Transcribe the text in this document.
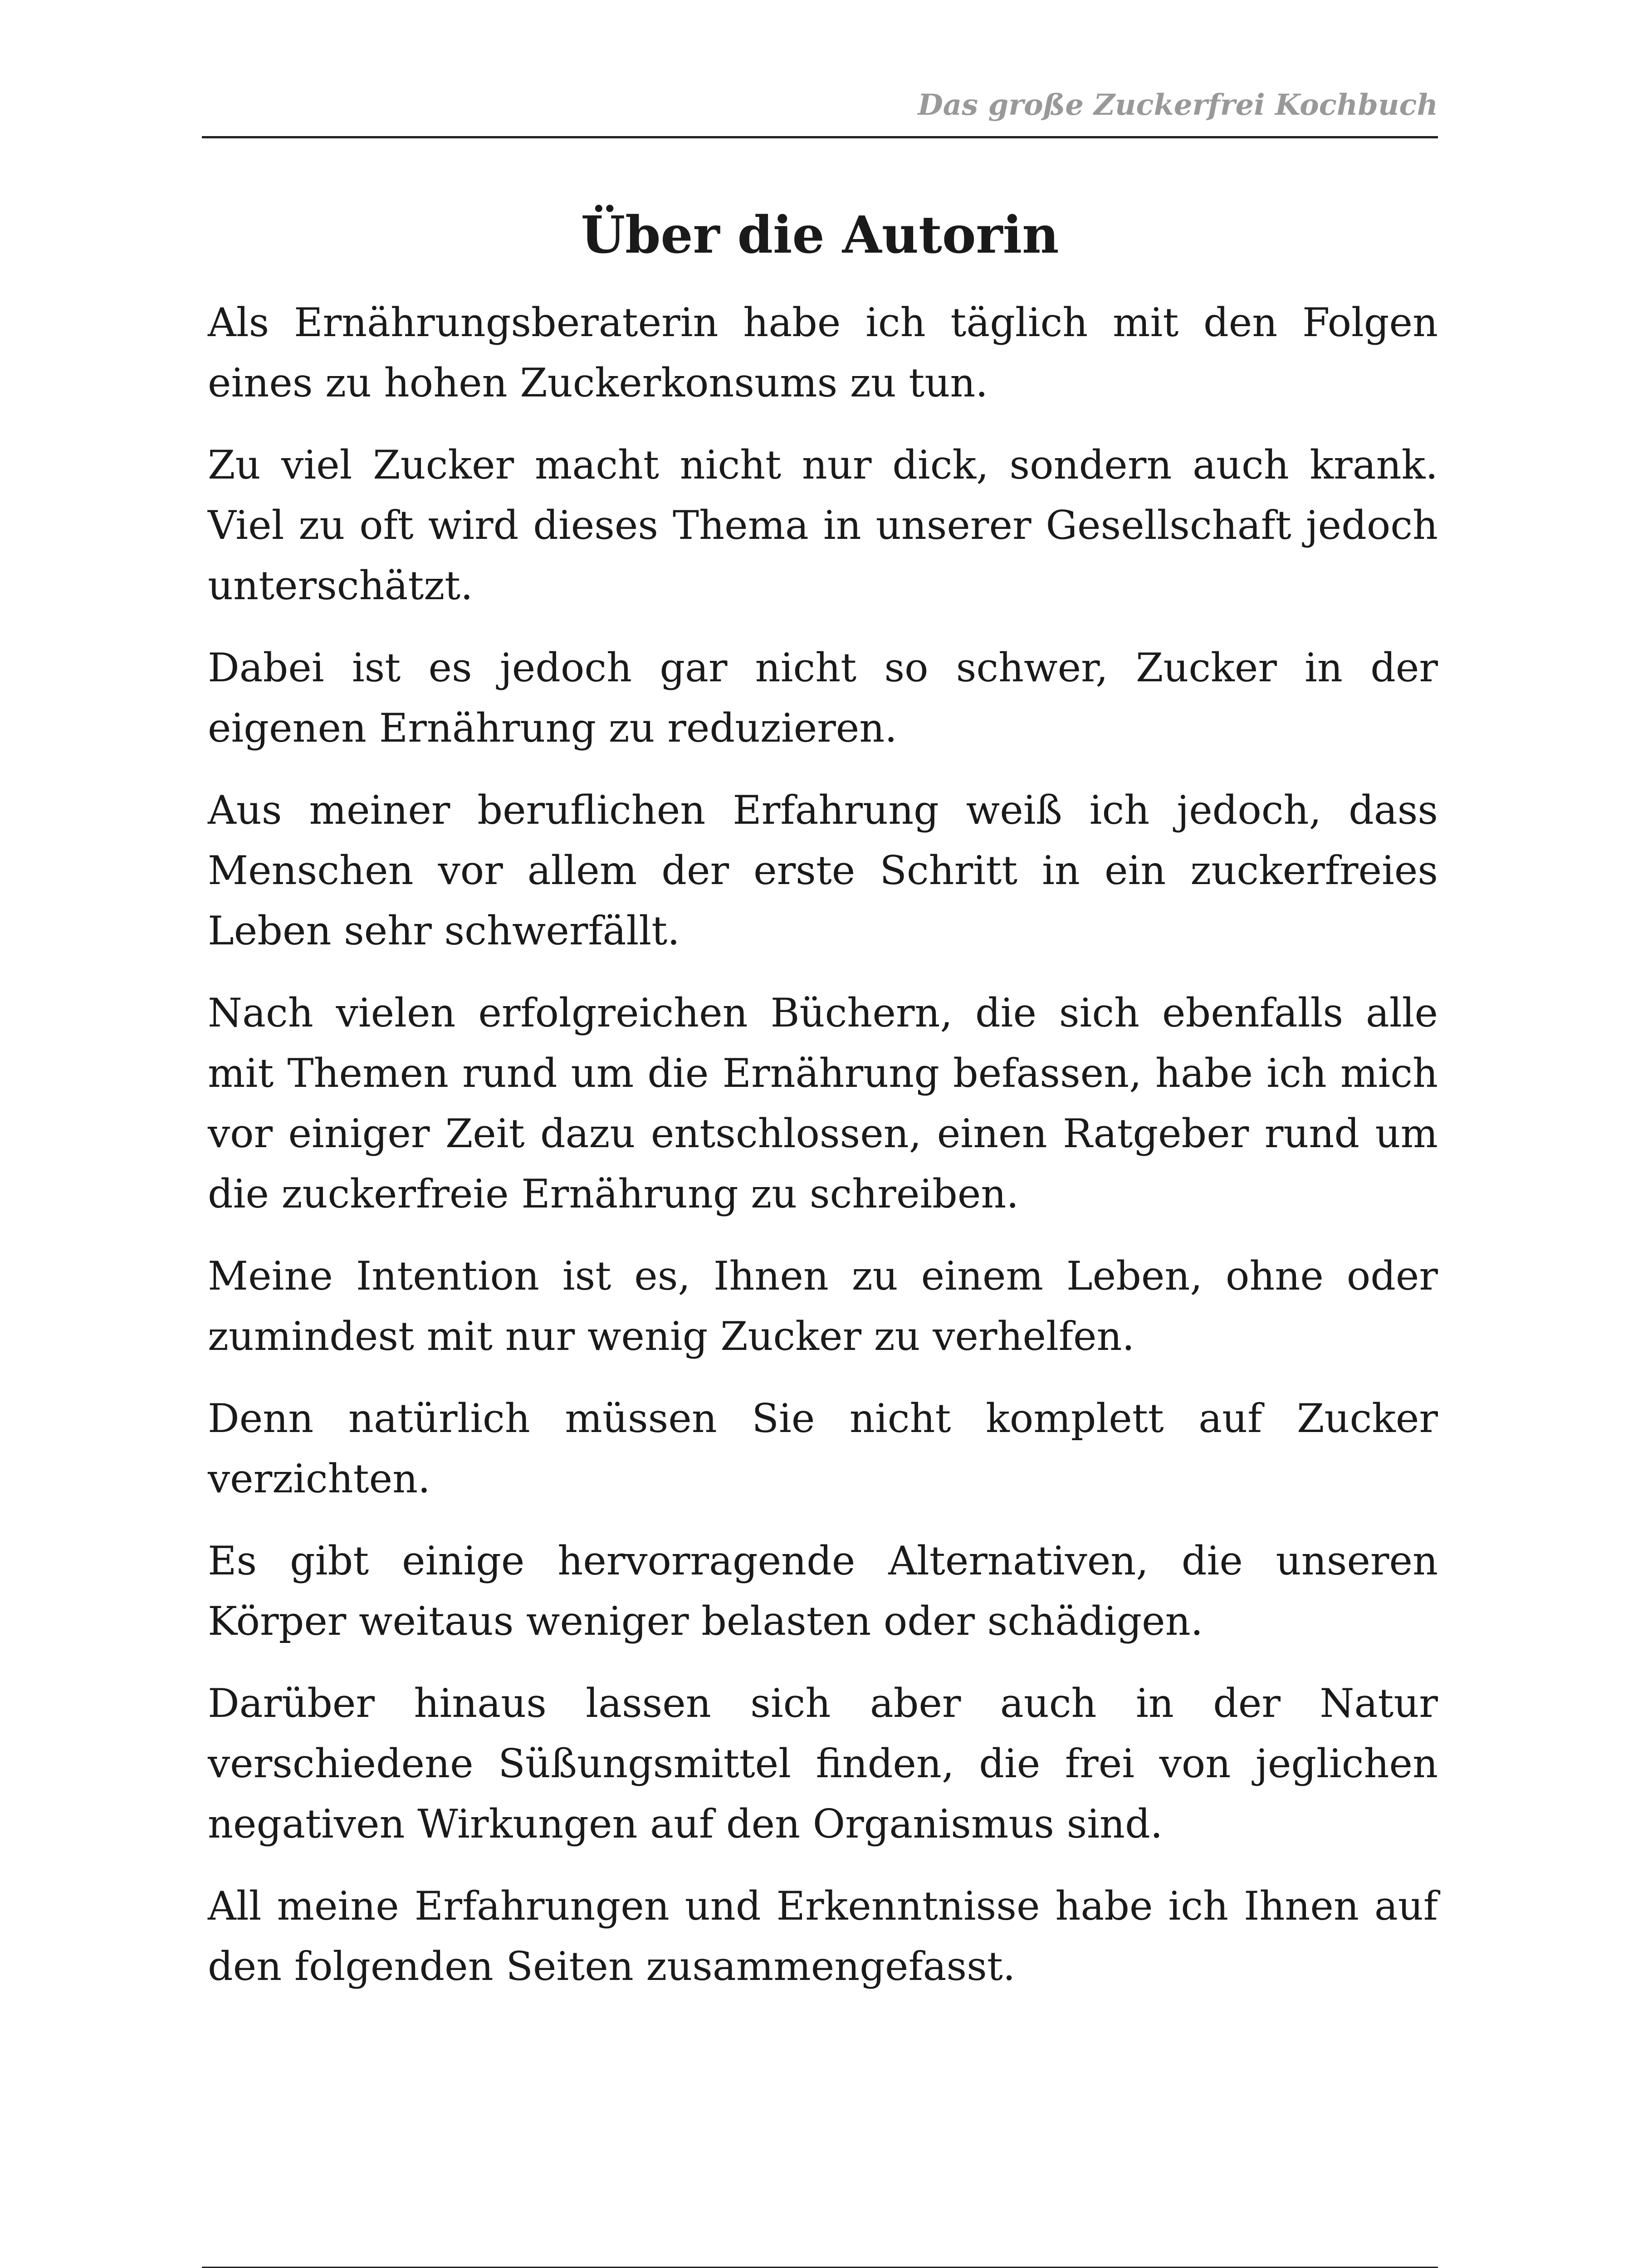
Das große Zuckerfrei Kochbuch
Über die Autorin

Als Ernährungsberaterin habe ich täglich mit den Folgen eines zu hohen Zuckerkonsums zu tun.

Zu viel Zucker macht nicht nur dick, sondern auch krank. Viel zu oft wird dieses Thema in unserer Gesellschaft jedoch unterschätzt.

Dabei ist es jedoch gar nicht so schwer, Zucker in der eigenen Ernährung zu reduzieren.

Aus meiner beruflichen Erfahrung weiß ich jedoch, dass Menschen vor allem der erste Schritt in ein zuckerfreies Leben sehr schwerfällt.

Nach vielen erfolgreichen Büchern, die sich ebenfalls alle mit Themen rund um die Ernährung befassen, habe ich mich vor einiger Zeit dazu entschlossen, einen Ratgeber rund um die zuckerfreie Ernährung zu schreiben.

Meine Intention ist es, Ihnen zu einem Leben, ohne oder zumindest mit nur wenig Zucker zu verhelfen.

Denn natürlich müssen Sie nicht komplett auf Zucker verzichten.

Es gibt einige hervorragende Alternativen, die unseren Körper weitaus weniger belasten oder schädigen.

Darüber hinaus lassen sich aber auch in der Natur verschiedene Süßungsmittel finden, die frei von jeglichen negativen Wirkungen auf den Organismus sind.

All meine Erfahrungen und Erkenntnisse habe ich Ihnen auf den folgenden Seiten zusammengefasst.
